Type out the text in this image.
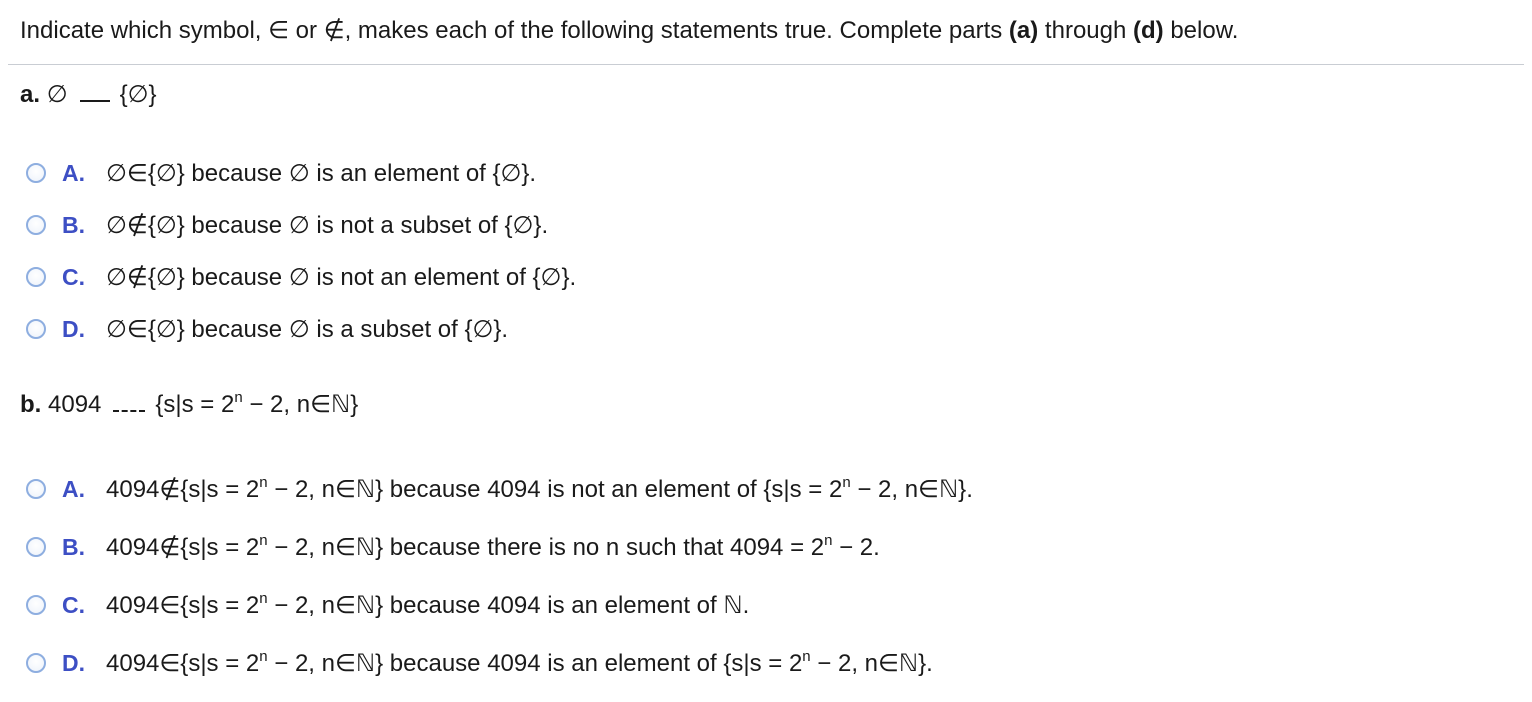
Indicate which symbol, ∈ or ∉, makes each of the following statements true. Complete parts (a) through (d) below.
a. ∅ {∅}
A. ∅∈{∅} because ∅ is an element of {∅}.
B. ∅∉{∅} because ∅ is not a subset of {∅}.
C. ∅∉{∅} because ∅ is not an element of {∅}.
D. ∅∈{∅} because ∅ is a subset of {∅}.
b. 4094 {$s|s = 2^n - 2$, n∈ℕ}
A. 4094∉{s|s = $2^n - 2$, n∈ℕ} because 4094 is not an element of {$s|s = 2^n - 2$, n∈ℕ}.
B. 4094∉{s|s = $2^n - 2$, n∈ℕ} because there is no n such that $4094 = 2^n - 2$.
C. 4094∈{s|s = $2^n - 2$, n∈ℕ} because 4094 is an element of ℕ.
D. 4094∈{s|s = $2^n - 2$, n∈ℕ} because 4094 is an element of {$s|s = 2^n - 2$, n∈ℕ}.
